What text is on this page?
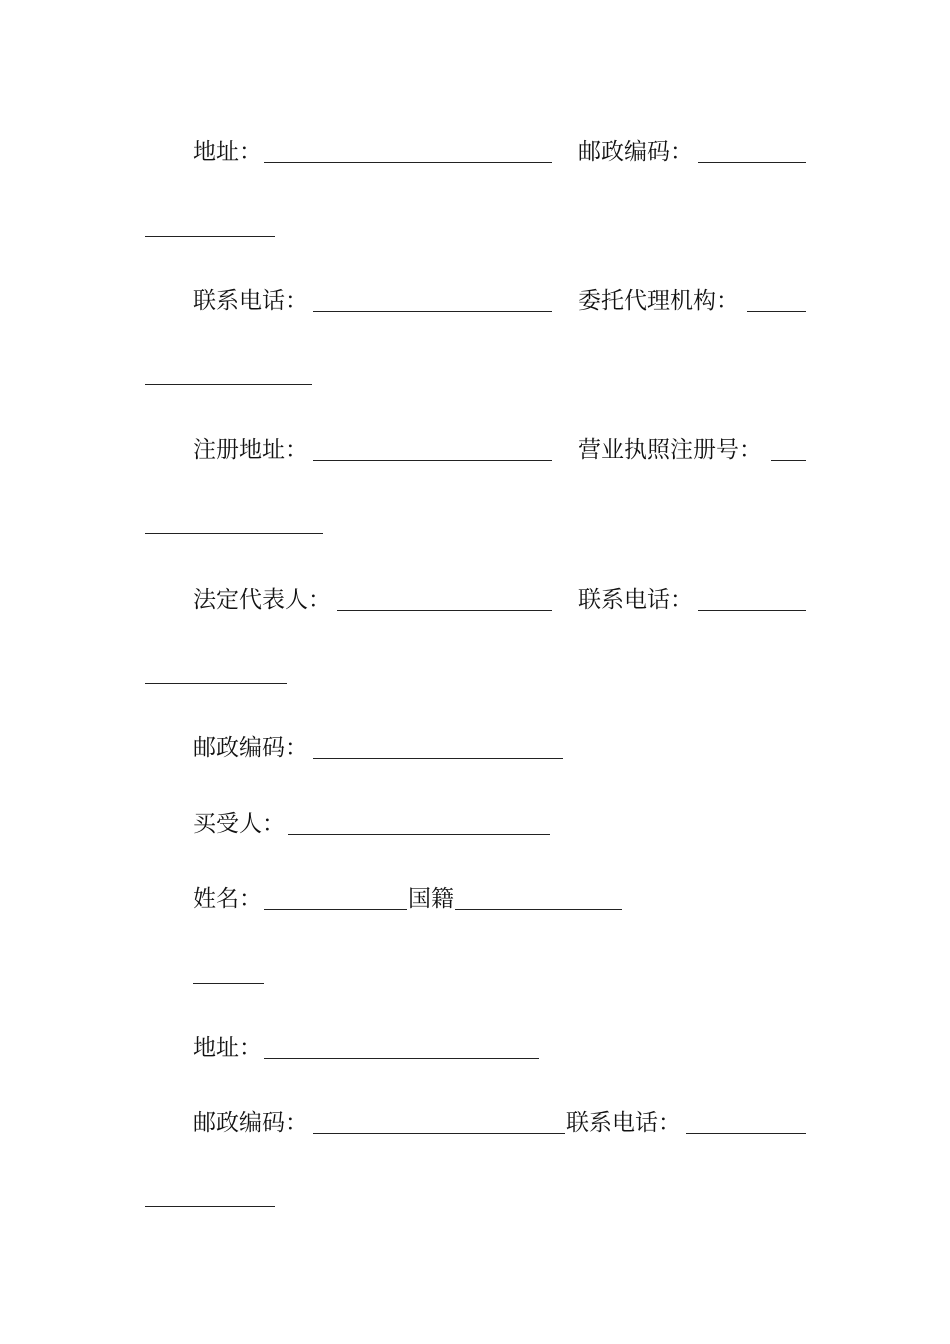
地址：	邮政编码：
联系电话：	委托代理机构：
注册地址：	营业执照注册号：
法定代表人：	联系电话：
邮政编码：
买受人：
姓名：	国籍
地址：
邮政编码：	联系电话：
